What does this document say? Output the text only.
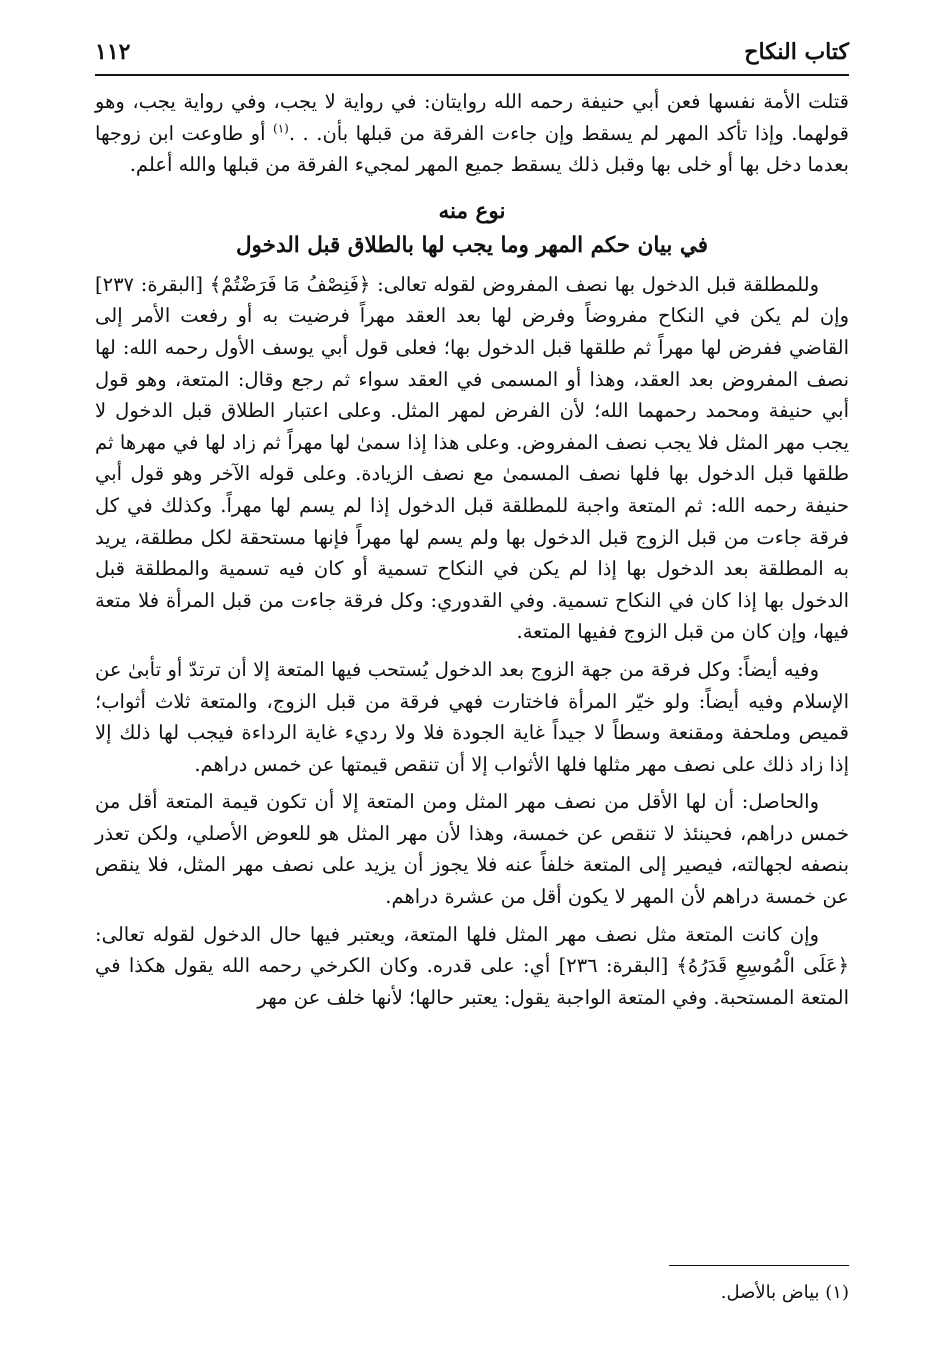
كتاب النكاح
١١٢

قتلت الأمة نفسها فعن أبي حنيفة رحمه الله روايتان: في رواية لا يجب، وفي رواية يجب، وهو قولهما. وإذا تأكد المهر لم يسقط وإن جاءت الفرقة من قبلها بأن. . .$^{(١)}$ أو طاوعت ابن زوجها بعدما دخل بها أو خلى بها وقبل ذلك يسقط جميع المهر لمجيء الفرقة من قبلها والله أعلم.

نوع منه
في بيان حكم المهر وما يجب لها بالطلاق قبل الدخول

وللمطلقة قبل الدخول بها نصف المفروض لقوله تعالى: ﴿فَنِصْفُ مَا فَرَضْتُمْ﴾ [البقرة: ٢٣٧] وإن لم يكن في النكاح مفروضاً وفرض لها بعد العقد مهراً فرضيت به أو رفعت الأمر إلى القاضي ففرض لها مهراً ثم طلقها قبل الدخول بها؛ فعلى قول أبي يوسف الأول رحمه الله: لها نصف المفروض بعد العقد، وهذا أو المسمى في العقد سواء ثم رجع وقال: المتعة، وهو قول أبي حنيفة ومحمد رحمهما الله؛ لأن الفرض لمهر المثل. وعلى اعتبار الطلاق قبل الدخول لا يجب مهر المثل فلا يجب نصف المفروض. وعلى هذا إذا سمىٰ لها مهراً ثم زاد لها في مهرها ثم طلقها قبل الدخول بها فلها نصف المسمىٰ مع نصف الزيادة. وعلى قوله الآخر وهو قول أبي حنيفة رحمه الله: ثم المتعة واجبة للمطلقة قبل الدخول إذا لم يسم لها مهراً. وكذلك في كل فرقة جاءت من قبل الزوج قبل الدخول بها ولم يسم لها مهراً فإنها مستحقة لكل مطلقة، يريد به المطلقة بعد الدخول بها إذا لم يكن في النكاح تسمية أو كان فيه تسمية والمطلقة قبل الدخول بها إذا كان في النكاح تسمية. وفي القدوري: وكل فرقة جاءت من قبل المرأة فلا متعة فيها، وإن كان من قبل الزوج ففيها المتعة.

وفيه أيضاً: وكل فرقة من جهة الزوج بعد الدخول يُستحب فيها المتعة إلا أن ترتدّ أو تأبىٰ عن الإسلام وفيه أيضاً: ولو خيّر المرأة فاختارت فهي فرقة من قبل الزوج، والمتعة ثلاث أثواب؛ قميص وملحفة ومقنعة وسطاً لا جيداً غاية الجودة فلا ولا رديء غاية الرداءة فيجب لها ذلك إلا إذا زاد ذلك على نصف مهر مثلها فلها الأثواب إلا أن تنقص قيمتها عن خمس دراهم.

والحاصل: أن لها الأقل من نصف مهر المثل ومن المتعة إلا أن تكون قيمة المتعة أقل من خمس دراهم، فحينئذ لا تنقص عن خمسة، وهذا لأن مهر المثل هو للعوض الأصلي، ولكن تعذر بنصفه لجهالته، فيصير إلى المتعة خلفاً عنه فلا يجوز أن يزيد على نصف مهر المثل، فلا ينقص عن خمسة دراهم لأن المهر لا يكون أقل من عشرة دراهم.

وإن كانت المتعة مثل نصف مهر المثل فلها المتعة، ويعتبر فيها حال الدخول لقوله تعالى: ﴿عَلَى الْمُوسِعِ قَدَرُهُ﴾ [البقرة: ٢٣٦] أي: على قدره. وكان الكرخي رحمه الله يقول هكذا في المتعة المستحبة. وفي المتعة الواجبة يقول: يعتبر حالها؛ لأنها خلف عن مهر

(١) بياض بالأصل.
